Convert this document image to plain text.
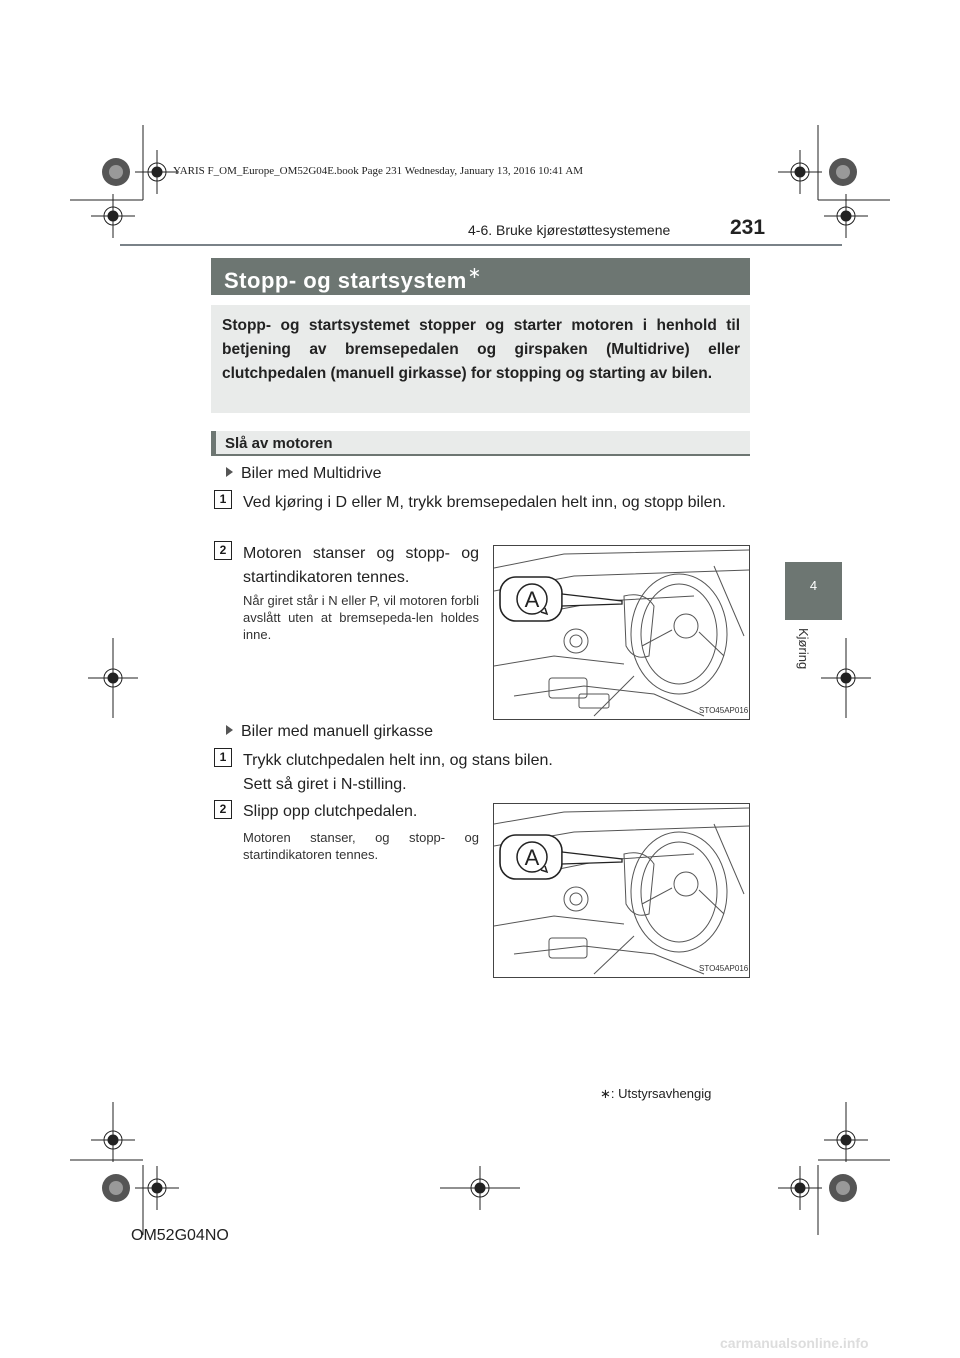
YARIS F_OM_Europe_OM52G04E.book Page 231 Wednesday, January 13, 2016 10:41 AM
4-6. Bruke kjørestøttesystemene	231
Stopp- og startsystem∗
Stopp- og startsystemet stopper og starter motoren i henhold til betjening av bremsepedalen og girspaken (Multidrive) eller clutchpedalen (manuell girkasse) for stopping og starting av bilen.
Slå av motoren
4
Kjøring
Biler med Multidrive
1	Ved kjøring i D eller M, trykk bremsepedalen helt inn, og stopp bilen.
2	Motoren stanser og stopp- og
startindikatoren tennes.
Når giret står i N eller P, vil motoren forbli avslått uten at bremsepeda-len holdes inne.
A
STO45AP016
Biler med manuell girkasse
1	Trykk clutchpedalen helt inn, og stans bilen.
Sett så giret i N-stilling.
2	Slipp opp clutchpedalen.
Motoren stanser, og stopp- og startindikatoren tennes.	A
STO45AP016
∗: Utstyrsavhengig
OM52G04NO
carmanualsonline.info
